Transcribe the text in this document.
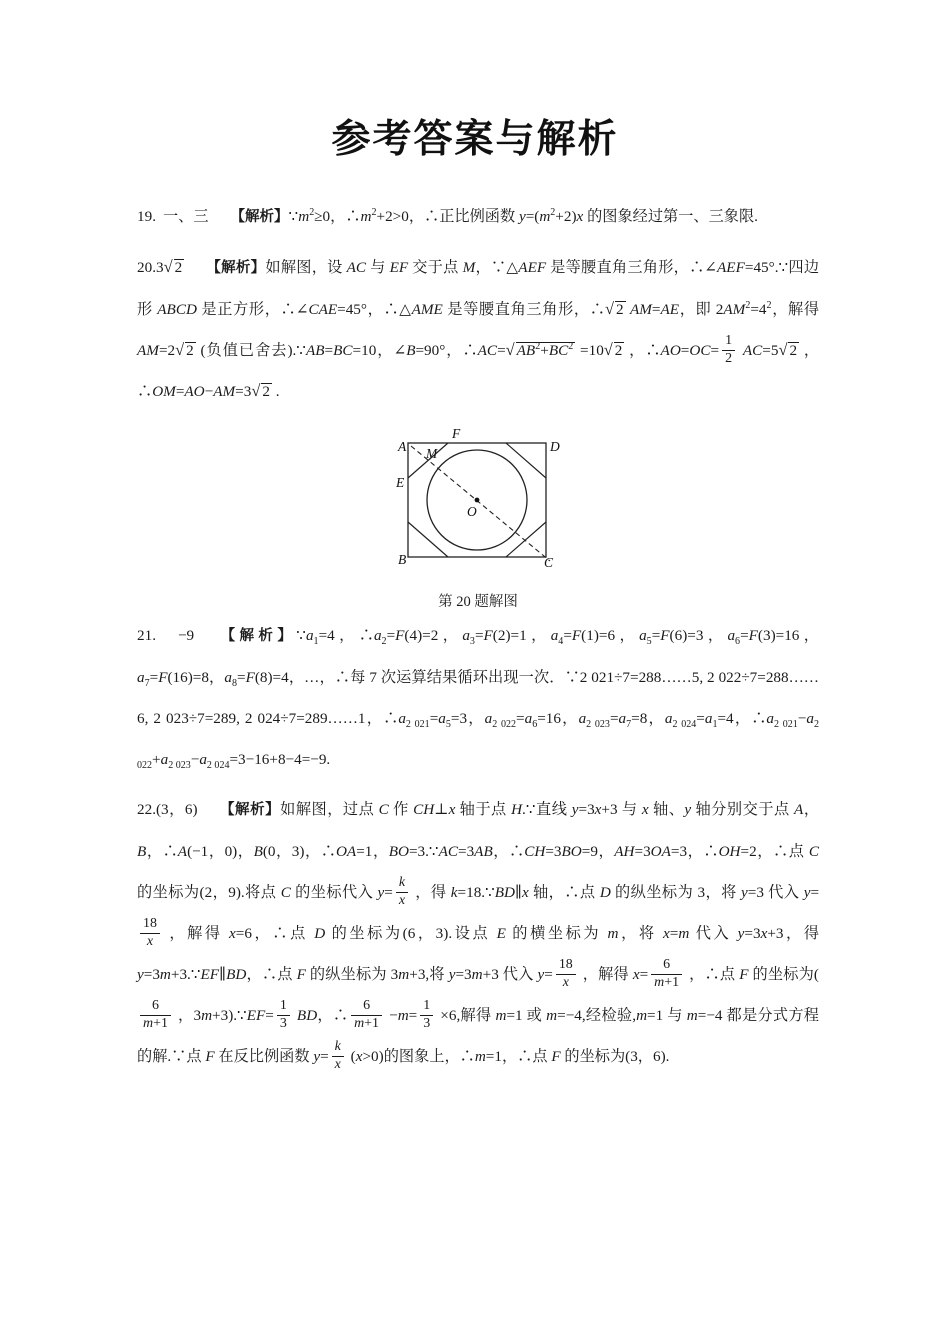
参考答案与解析
19. 一、三 【解析】$\because m^2\ge 0$，$\therefore m^2+2>0$，∴正比例函数 $y=(m^2+2)x$ 的图象经过第一、三象限.
20.3 √ 2 【解析】如解图，设 AC 与 EF 交于点 M，∵△AEF 是等腰直角三角形，∴∠AEF=45°.∵四边形 ABCD 是正方形，∴∠CAE=45°，∴△AME 是等腰直角三角形，∴ √ 2 AM=AE，即 $2AM^2=4^2$，解得 AM=2 √ 2 (负值已舍去).∵AB=BC=10，∠B=90°，∴AC= √ $AB^2+BC^2 =10$ √ 2 ，∴AO=OC= $\frac{1}{2} AC=5$ √ 2 ，∴OM=AO−AM=3 √ 2 .
A
B	C
D
F
M
E
O
第 20 题解图
21. −9 【解析】$\because a_1=4$，$\therefore a_2=F(4)=2$，$a_3=F(2)=1$，$a_4=F(1)=6$，$a_5=F(6)=3$，$a_6=F(3)=16$，$a_7=F(16)=8$，$a_8=F(8)=4$，…，∴每 7 次运算结果循环出现一次．∵2 021÷7=288……5, 2 022÷7=288……6, 2 023÷7=289, 2 024÷7=289……1，$\therefore a_{2 021}=a_5=3$，$a_{2 022}=a_6=16$，$a_{2 023}=a_7=8$，$a_{2 024}=a_1=4$，$\therefore a_{2 021}-a_{2 022}+a_{2 023}-a_{2 024}=3-16+8-4=-9$.
22.(3，6) 【解析】如解图，过点 C 作 CH⊥x 轴于点 H.∵直线 y=3x+3 与 x 轴、y 轴分别交于点 A，B，∴A(−1，0)，B(0，3)，∴OA=1，BO=3.∵AC=3AB，∴CH=3BO=9，AH=3OA=3，∴OH=2，∴点 C 的坐标为(2，9).将点 C 的坐标代入 $y= \frac{k}{x}$ ，得 k=18.∵BD∥x 轴，∴点 D 的纵坐标为 3，将 y=3 代入 y=
$\frac{18}{x}$ ，解得 x=6，∴点 D 的坐标为(6，3).设点 E 的横坐标为 m，将 x=m 代入 y=3x+3，得 y=3m+3.∵EF∥BD，∴点 F 的纵坐标为 3m+3,将 y=3m+3 代入 $y= \frac{18}{x}$ ，解得 $x= \frac{6}{m+1}$ ，∴点 F 的坐标为(
$\frac{6}{m+1}$ ，3m+3).∵EF= $\frac{1}{3}$ BD，∴ $\frac{6}{m+1} -m= \frac{1}{3} \times 6$,解得 m=1 或 m=−4,经检验,m=1 与 m=−4 都是分式方程的解.∵点 F 在反比例函数 $y= \frac{k}{x} (x>0)$的图象上，∴m=1，∴点 F 的坐标为(3，6).
